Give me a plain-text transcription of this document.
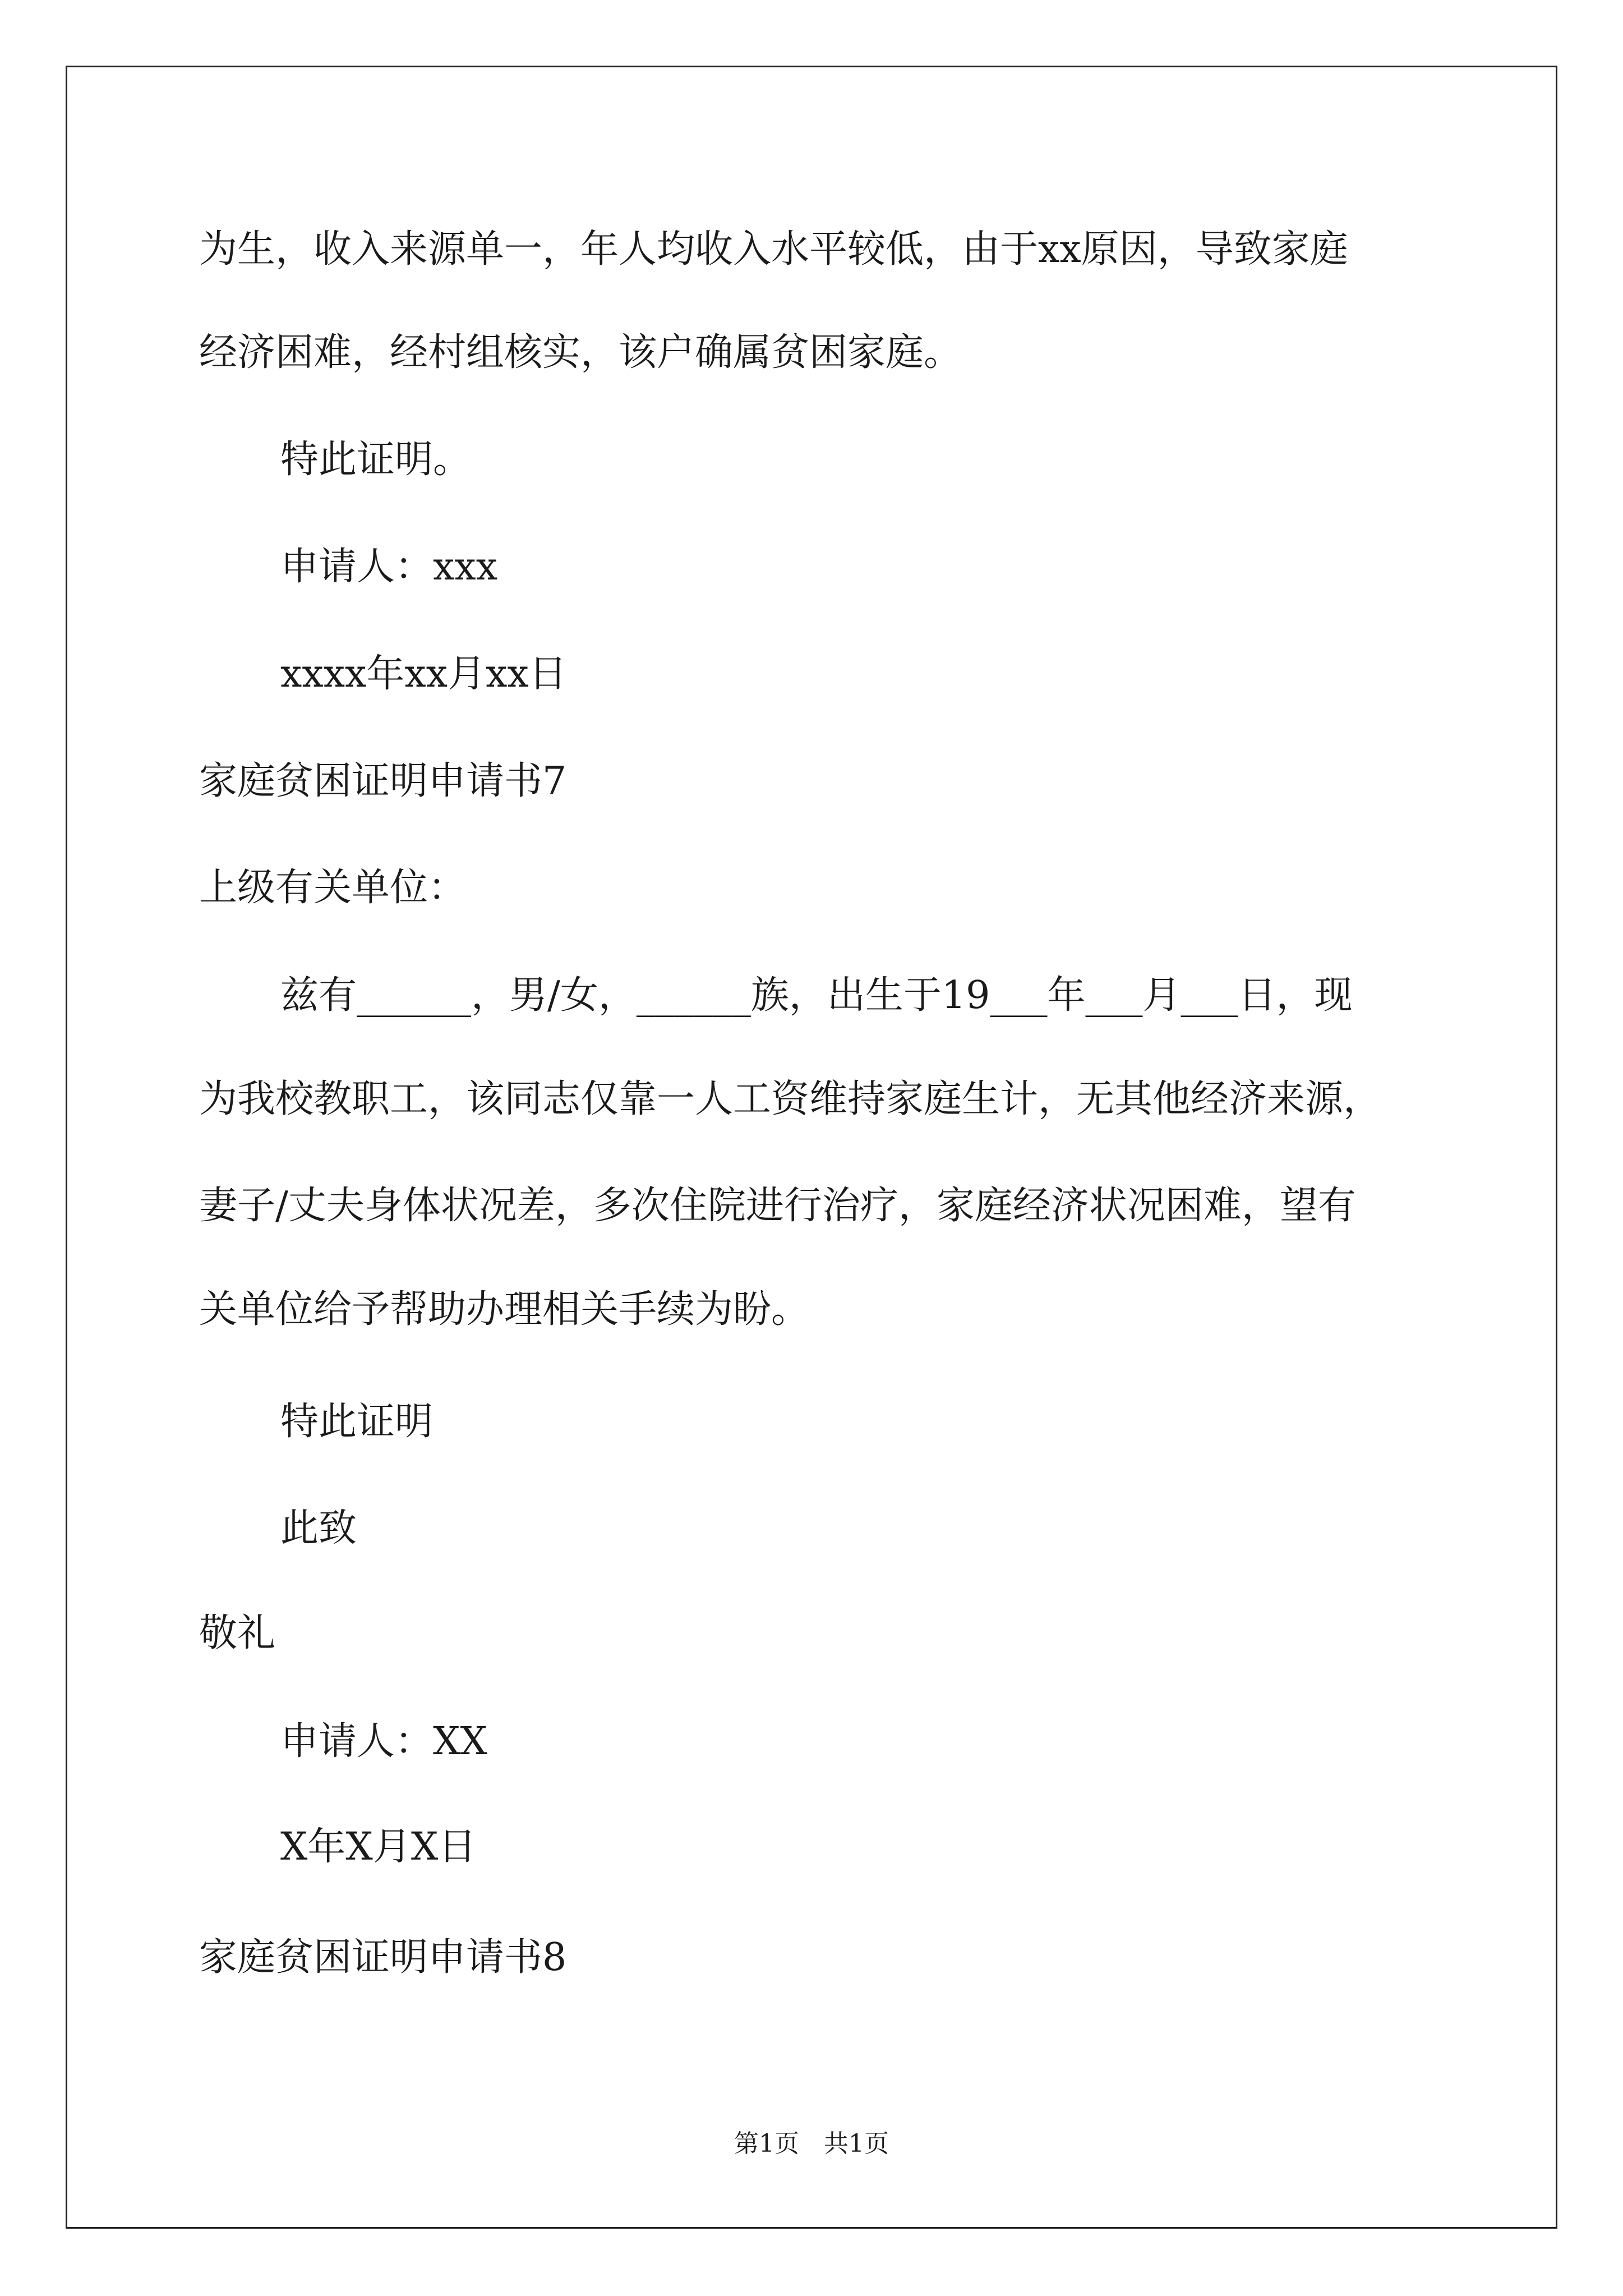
为生，收入来源单一，年人均收入水平较低，由于xx原因，导致家庭
经济困难，经村组核实，该户确属贫困家庭。
特此证明。
申请人：xxx
xxxx年xx月xx日
家庭贫困证明申请书7
上级有关单位：
兹有______，男/女，______族，出生于19___年___月___日，现
为我校教职工，该同志仅靠一人工资维持家庭生计，无其他经济来源，
妻子/丈夫身体状况差，多次住院进行治疗，家庭经济状况困难，望有
关单位给予帮助办理相关手续为盼。
特此证明
此致
敬礼
申请人：XX
X年X月X日
家庭贫困证明申请书8
第1页　共1页
